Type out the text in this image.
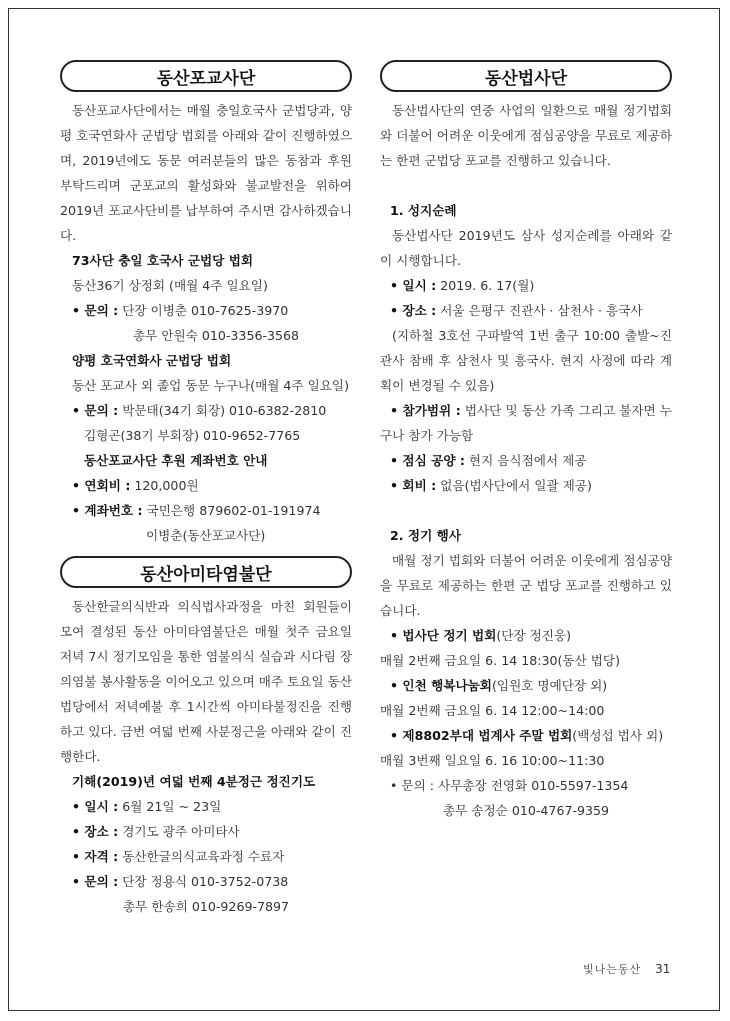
동산포교사단

동산포교사단에서는 매월 충일호국사 군법당과, 양평 호국연화사 군법당 법회를 아래와 같이 진행하였으며, 2019년에도 동문 여러분들의 많은 동참과 후원 부탁드리며 군포교의 활성화와 불교발전을 위하여 2019년 포교사단비를 납부하여 주시면 감사하겠습니다.

73사단 충일 호국사 군법당 법회
동산36기 상정회 (매월 4주 일요일)
• 문의 : 단장 이병춘 010-7625-3970
총무 안원숙 010-3356-3568
양평 호국연화사 군법당 법회
동산 포교사 외 졸업 동문 누구나(매월 4주 일요일)
• 문의 : 박문태(34기 회장) 010-6382-2810
김형곤(38기 부회장) 010-9652-7765
동산포교사단 후원 계좌번호 안내
• 연회비 : 120,000원
• 계좌번호 : 국민은행 879602-01-191974
이병춘(동산포교사단)
동산아미타염불단

동산한글의식반과 의식법사과정을 마친 회원들이 모여 결성된 동산 아미타염불단은 매월 첫주 금요일 저녁 7시 정기모임을 통한 염불의식 실습과 시다림 장의염불 봉사활동을 이어오고 있으며 매주 토요일 동산법당에서 저녁예불 후 1시간씩 아미타불정진을 진행하고 있다. 금번 여덟 번째 사분정근을 아래와 같이 진행한다.

기해(2019)년 여덟 번째 4분정근 정진기도
• 일시 : 6월 21일 ~ 23일
• 장소 : 경기도 광주 아미타사
• 자격 : 동산한글의식교육과정 수료자
• 문의 : 단장 정용식 010-3752-0738
총무 한송희 010-9269-7897
동산법사단

동산법사단의 연중 사업의 일환으로 매월 정기법회와 더불어 어려운 이웃에게 점심공양을 무료로 제공하는 한편 군법당 포교를 진행하고 있습니다.

1. 성지순례

동산법사단 2019년도 삼사 성지순례를 아래와 같이 시행합니다.

• 일시 : 2019. 6. 17(월)
• 장소 : 서울 은평구 진관사 · 삼천사 · 흥국사

(지하철 3호선 구파발역 1번 출구 10:00 출발~진관사 참배 후 삼천사 및 흥국사. 현지 사정에 따라 계획이 변경될 수 있음)

• 참가범위 : 법사단 및 동산 가족 그리고 불자면 누구나 참가 가능함

• 점심 공양 : 현지 음식점에서 제공
• 회비 : 없음(법사단에서 일괄 제공)
2. 정기 행사

매월 정기 법회와 더불어 어려운 이웃에게 점심공양을 무료로 제공하는 한편 군 법당 포교를 진행하고 있습니다.

• 법사단 정기 법회(단장 정진웅)
매월 2번째 금요일 6. 14 18:30(동산 법당)
• 인천 행복나눔회(임원호 명예단장 외)
매월 2번째 금요일 6. 14 12:00~14:00
• 제8802부대 법계사 주말 법회(백성섭 법사 외)
매월 3번째 일요일 6. 16 10:00~11:30
• 문의 : 사무총장 전영화 010-5597-1354
총무 송정순 010-4767-9359
빛나는동산 31
